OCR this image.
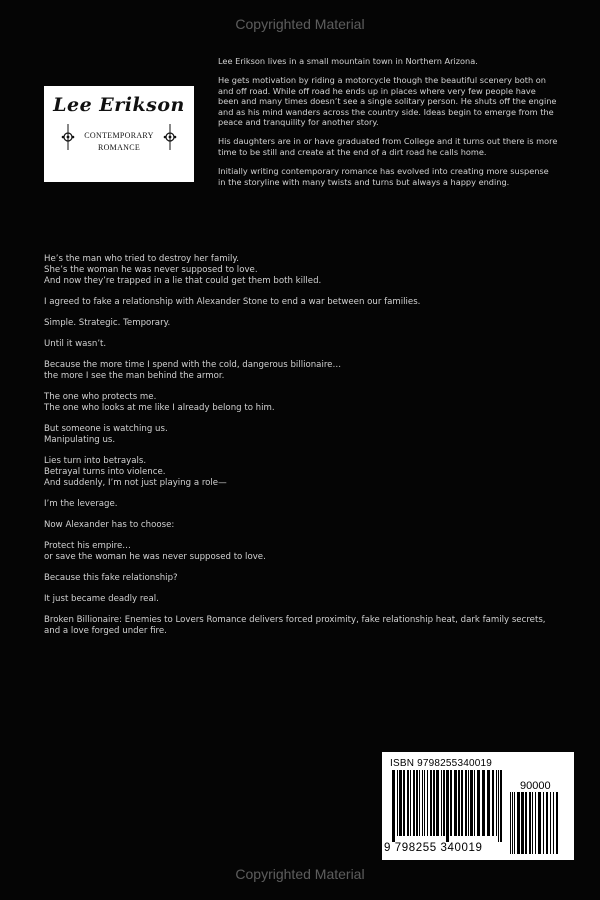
Copyrighted Material
Lee Erikson
CONTEMPORARY
ROMANCE

Lee Erikson lives in a small mountain town in Northern Arizona.

He gets motivation by riding a motorcycle though the beautiful scenery both on and off road. While off road he ends up in places where very few people have been and many times doesn’t see a single solitary person. He shuts off the engine and as his mind wanders across the country side. Ideas begin to emerge from the peace and tranquility for another story.

His daughters are in or have graduated from College and it turns out there is more time to be still and create at the end of a dirt road he calls home.

Initially writing contemporary romance has evolved into creating more suspense in the storyline with many twists and turns but always a happy ending.

He’s the man who tried to destroy her family.
She’s the woman he was never supposed to love.
And now they’re trapped in a lie that could get them both killed.

I agreed to fake a relationship with Alexander Stone to end a war between our families.

Simple. Strategic. Temporary.

Until it wasn’t.

Because the more time I spend with the cold, dangerous billionaire…
the more I see the man behind the armor.

The one who protects me.
The one who looks at me like I already belong to him.

But someone is watching us.
Manipulating us.

Lies turn into betrayals.
Betrayal turns into violence.
And suddenly, I’m not just playing a role—

I’m the leverage.

Now Alexander has to choose:

Protect his empire…
or save the woman he was never supposed to love.

Because this fake relationship?

It just became deadly real.

Broken Billionaire: Enemies to Lovers Romance delivers forced proximity, fake relationship heat, dark family secrets, and a love forged under fire.

ISBN 9798255340019
90000
9 798255 340019
Copyrighted Material
